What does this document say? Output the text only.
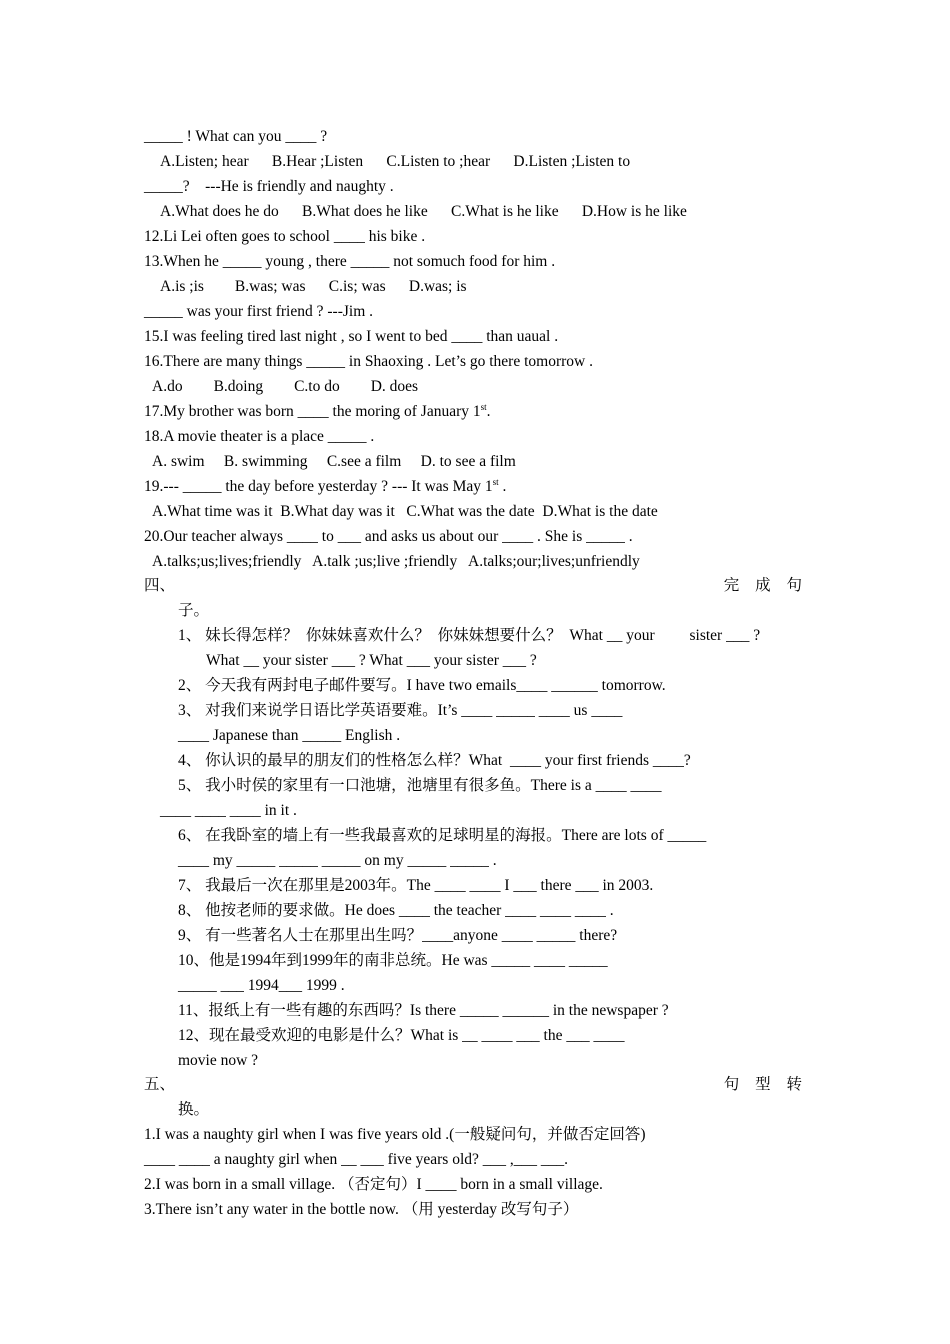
_____ ! What can you ____ ?
A.Listen; hear      B.Hear ;Listen      C.Listen to ;hear      D.Listen ;Listen to
_____?    ---He is friendly and naughty .
A.What does he do      B.What does he like      C.What is he like      D.How is he like
12.Li Lei often goes to school ____ his bike .
13.When he _____ young , there _____ not somuch food for him .
A.is ;is        B.was; was      C.is; was      D.was; is
_____ was your first friend ? ---Jim .
15.I was feeling tired last night , so I went to bed ____ than uaual .
16.There are many things _____ in Shaoxing . Let’s go there tomorrow .
A.do        B.doing        C.to do        D. does
17.My brother was born ____ the moring of January 1st.
18.A movie theater is a place _____ .
A. swim     B. swimming     C.see a film     D. to see a film
19.--- _____ the day before yesterday ? --- It was May 1st .
A.What time was it  B.What day was it   C.What was the date  D.What is the date
20.Our teacher always ____ to ___ and asks us about our ____ . She is _____ .
A.talks;us;lives;friendly   A.talk ;us;live ;friendly   A.talks;our;lives;unfriendly
子。
1、 妹长得怎样？  你妹妹喜欢什么？  你妹妹想要什么？  What __ your         sister ___ ?
What __ your sister ___ ? What ___ your sister ___ ?
2、 今天我有两封电子邮件要写。I have two emails____ ______ tomorrow.
3、 对我们来说学日语比学英语要难。It’s ____ _____ ____ us ____
____ Japanese than _____ English .
4、 你认识的最早的朋友们的性格怎么样？What  ____ your first friends ____?
5、 我小时侯的家里有一口池塘，池塘里有很多鱼。There is a ____ ____
____ ____ ____ in it .
6、 在我卧室的墙上有一些我最喜欢的足球明星的海报。There are lots of _____
____ my _____ _____ _____ on my _____ _____ .
7、 我最后一次在那里是2003年。The ____ ____ I ___ there ___ in 2003.
8、 他按老师的要求做。He does ____ the teacher ____ ____ ____ .
9、 有一些著名人士在那里出生吗？____anyone ____ _____ there?
10、他是1994年到1999年的南非总统。He was _____ ____ _____
_____ ___ 1994___ 1999 .
11、报纸上有一些有趣的东西吗？Is there _____ ______ in the newspaper ?
12、现在最受欢迎的电影是什么？What is __ ____ ___ the ___ ____
movie now ?
换。
1.I was a naughty girl when I was five years old .(一般疑问句，并做否定回答)
____ ____ a naughty girl when __ ___ five years old? ___ ,___ ___.
2.I was born in a small village. （否定句）I ____ born in a small village.
3.There isn’t any water in the bottle now. （用 yesterday 改写句子）
四、	完 成 句
五、	句 型 转
